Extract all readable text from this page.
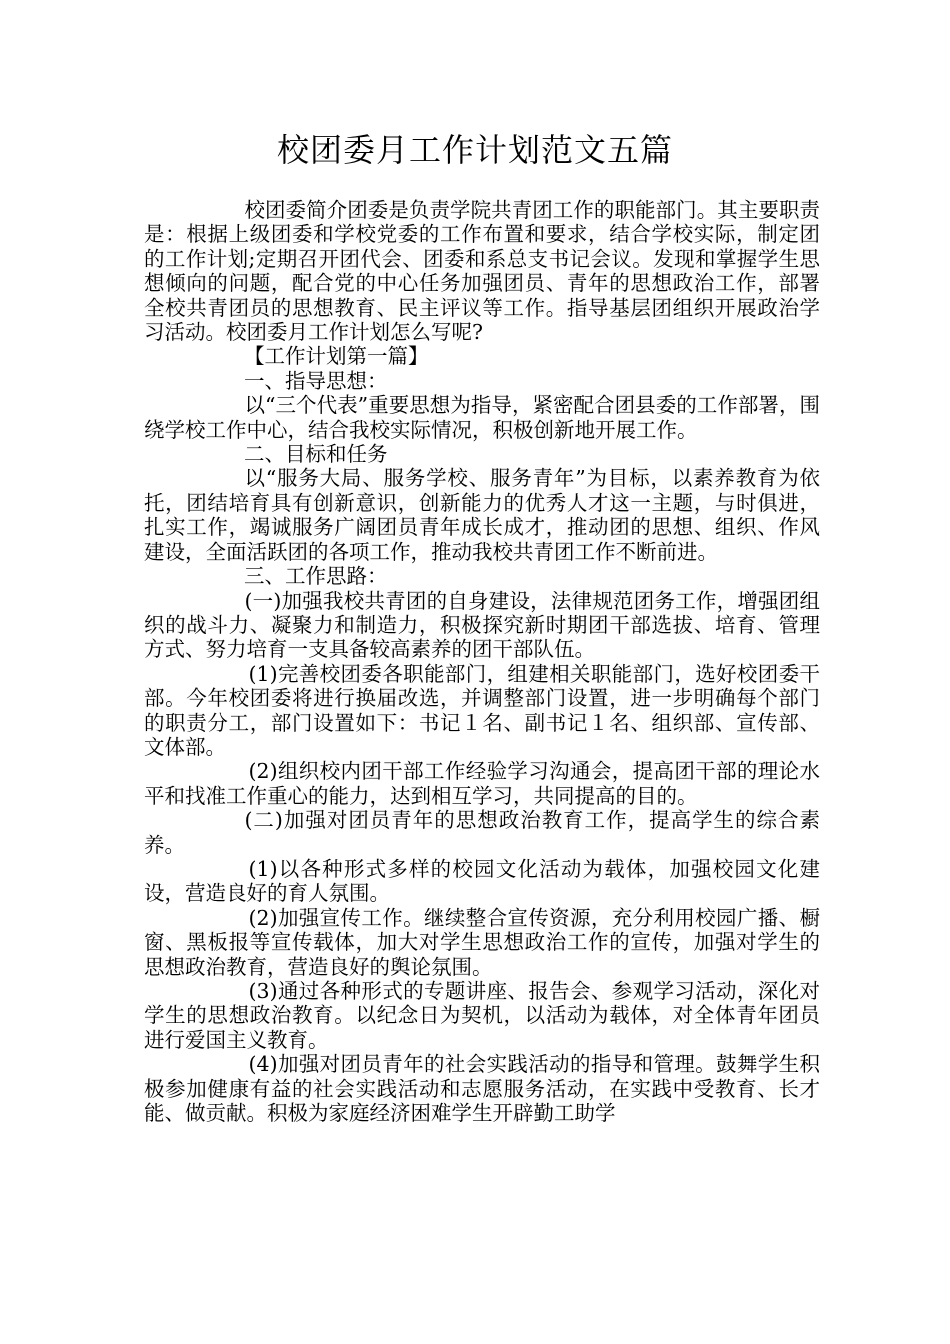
校团委月工作计划范文五篇

校团委简介团委是负责学院共青团工作的职能部门。其主要职责是：根据上级团委和学校党委的工作布置和要求，结合学校实际，制定团的工作计划;定期召开团代会、团委和系总支书记会议。发现和掌握学生思想倾向的问题，配合党的中心任务加强团员、青年的思想政治工作，部署全校共青团员的思想教育、民主评议等工作。指导基层团组织开展政治学习活动。校团委月工作计划怎么写呢?

【工作计划第一篇】

一、指导思想：

以“三个代表”重要思想为指导，紧密配合团县委的工作部署，围绕学校工作中心，结合我校实际情况，积极创新地开展工作。

二、目标和任务

以“服务大局、服务学校、服务青年”为目标，以素养教育为依托，团结培育具有创新意识，创新能力的优秀人才这一主题，与时俱进，扎实工作，竭诚服务广阔团员青年成长成才，推动团的思想、组织、作风建设，全面活跃团的各项工作，推动我校共青团工作不断前进。

三、工作思路：

(一)加强我校共青团的自身建设，法律规范团务工作，增强团组织的战斗力、凝聚力和制造力，积极探究新时期团干部选拔、培育、管理方式、努力培育一支具备较高素养的团干部队伍。

(1)完善校团委各职能部门，组建相关职能部门，选好校团委干部。今年校团委将进行换届改选，并调整部门设置，进一步明确每个部门的职责分工，部门设置如下：书记１名、副书记１名、组织部、宣传部、文体部。

(2)组织校内团干部工作经验学习沟通会，提高团干部的理论水平和找准工作重心的能力，达到相互学习，共同提高的目的。

(二)加强对团员青年的思想政治教育工作，提高学生的综合素养。

(1)以各种形式多样的校园文化活动为载体，加强校园文化建设，营造良好的育人氛围。

(2)加强宣传工作。继续整合宣传资源，充分利用校园广播、橱窗、黑板报等宣传载体，加大对学生思想政治工作的宣传，加强对学生的思想政治教育，营造良好的舆论氛围。

(3)通过各种形式的专题讲座、报告会、参观学习活动，深化对学生的思想政治教育。以纪念日为契机，以活动为载体，对全体青年团员进行爱国主义教育。

(4)加强对团员青年的社会实践活动的指导和管理。鼓舞学生积极参加健康有益的社会实践活动和志愿服务活动，在实践中受教育、长才能、做贡献。积极为家庭经济困难学生开辟勤工助学
